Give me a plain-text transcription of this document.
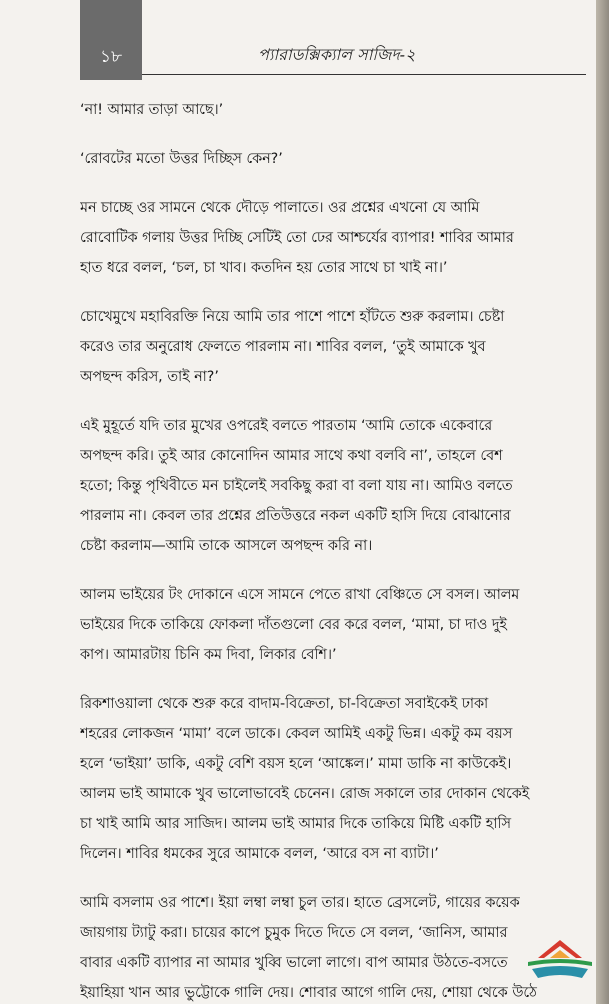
১৮	প্যারাডক্সিক্যাল সাজিদ-২

‘না! আমার তাড়া আছে।’

‘রোবটের মতো উত্তর দিচ্ছিস কেন?’

মন চাচ্ছে ওর সামনে থেকে দৌড়ে পালাতে। ওর প্রশ্নের এখনো যে আমি
রোবোটিক গলায় উত্তর দিচ্ছি সেটিই তো ঢের আশ্চর্যের ব্যাপার! শাবির আমার
হাত ধরে বলল, ‘চল, চা খাব। কতদিন হয় তোর সাথে চা খাই না।’

চোখেমুখে মহাবিরক্তি নিয়ে আমি তার পাশে পাশে হাঁটতে শুরু করলাম। চেষ্টা
করেও তার অনুরোধ ফেলতে পারলাম না। শাবির বলল, ‘তুই আমাকে খুব
অপছন্দ করিস, তাই না?’

এই মুহূর্তে যদি তার মুখের ওপরেই বলতে পারতাম ‘আমি তোকে একেবারে
অপছন্দ করি। তুই আর কোনোদিন আমার সাথে কথা বলবি না’, তাহলে বেশ
হতো; কিন্তু পৃথিবীতে মন চাইলেই সবকিছু করা বা বলা যায় না। আমিও বলতে
পারলাম না। কেবল তার প্রশ্নের প্রতিউত্তরে নকল একটি হাসি দিয়ে বোঝানোর
চেষ্টা করলাম—আমি তাকে আসলে অপছন্দ করি না।

আলম ভাইয়ের টং দোকানে এসে সামনে পেতে রাখা বেঞ্চিতে সে বসল। আলম
ভাইয়ের দিকে তাকিয়ে ফোকলা দাঁতগুলো বের করে বলল, ‘মামা, চা দাও দুই
কাপ। আমারটায় চিনি কম দিবা, লিকার বেশি।’

রিকশাওয়ালা থেকে শুরু করে বাদাম-বিক্রেতা, চা-বিক্রেতা সবাইকেই ঢাকা
শহরের লোকজন ‘মামা’ বলে ডাকে। কেবল আমিই একটু ভিন্ন। একটু কম বয়স
হলে ‘ভাইয়া’ ডাকি, একটু বেশি বয়স হলে ‘আঙ্কেল।’ মামা ডাকি না কাউকেই।
আলম ভাই আমাকে খুব ভালোভাবেই চেনেন। রোজ সকালে তার দোকান থেকেই
চা খাই আমি আর সাজিদ। আলম ভাই আমার দিকে তাকিয়ে মিষ্টি একটি হাসি
দিলেন। শাবির ধমকের সুরে আমাকে বলল, ‘আরে বস না ব্যাটা।’

আমি বসলাম ওর পাশে। ইয়া লম্বা লম্বা চুল তার। হাতে ব্রেসলেট, গায়ের কয়েক
জায়গায় ট্যাটু করা। চায়ের কাপে চুমুক দিতে দিতে সে বলল, ‘জানিস, আমার
বাবার একটি ব্যাপার না আমার খুব্বি ভালো লাগে। বাপ আমার উঠতে-বসতে
ইয়াহিয়া খান আর ভুট্টোকে গালি দেয়। শোবার আগে গালি দেয়, শোয়া থেকে উঠে
